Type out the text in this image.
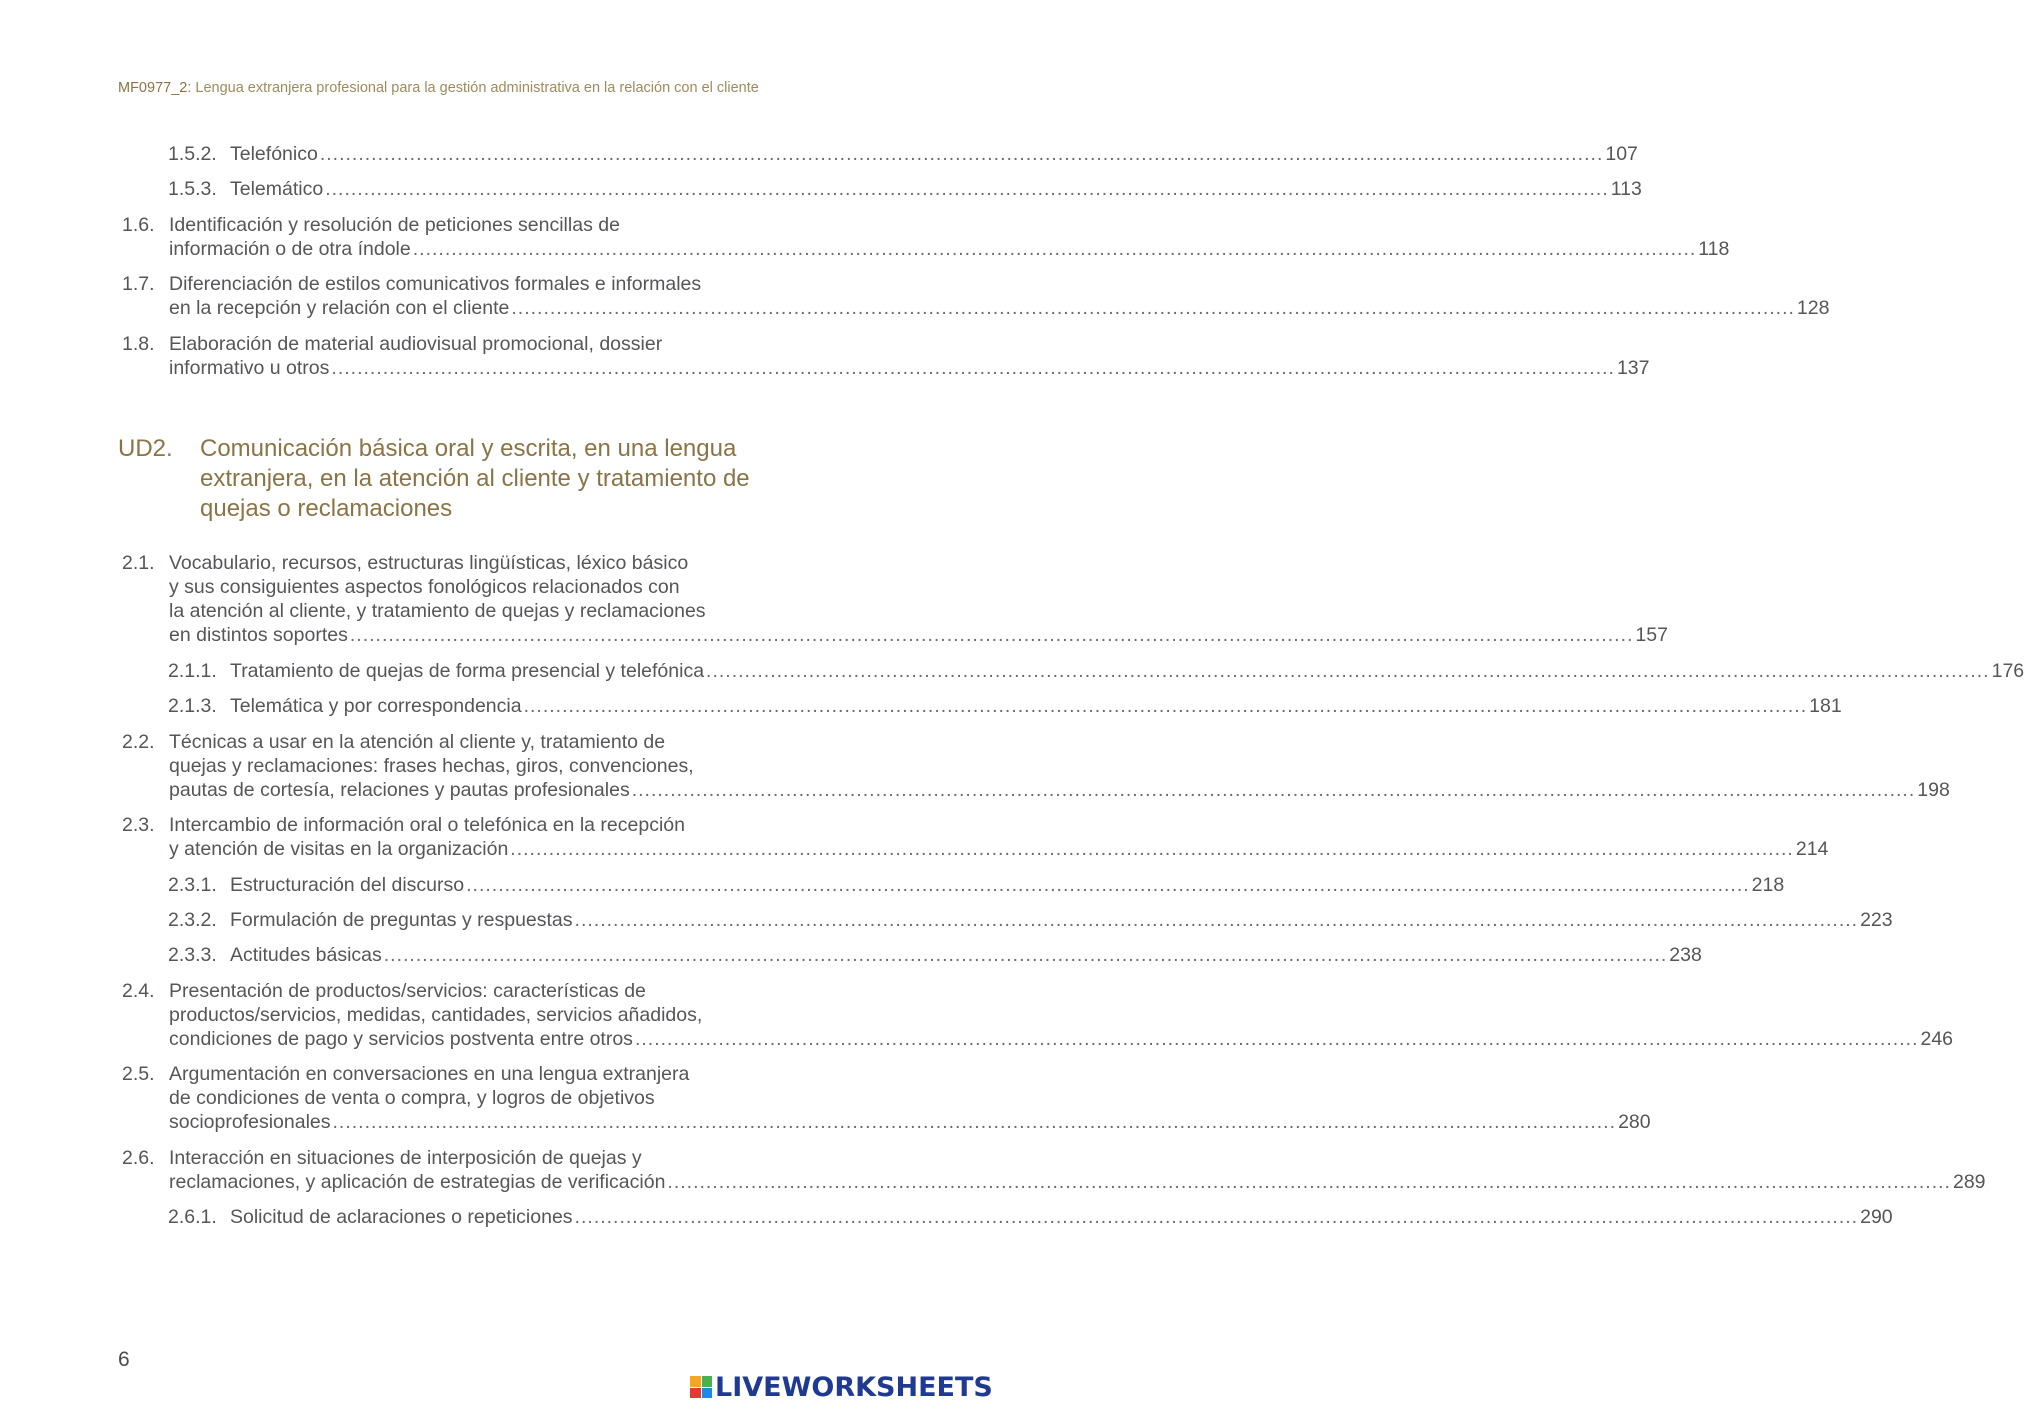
MF0977_2: Lengua extranjera profesional para la gestión administrativa en la relación con el cliente
1.5.2. Telefónico ........................................................................................................................................................................................................ 107
1.5.3. Telemático ........................................................................................................................................................................................................ 113
1.6. Identificación y resolución de peticiones sencillas de
información o de otra índole ........................................................................................................................................................................................................ 118
1.7. Diferenciación de estilos comunicativos formales e informales
en la recepción y relación con el cliente ........................................................................................................................................................................................................ 128
1.8. Elaboración de material audiovisual promocional, dossier
informativo u otros ........................................................................................................................................................................................................ 137
2.1. Vocabulario, recursos, estructuras lingüísticas, léxico básico
y sus consiguientes aspectos fonológicos relacionados con
la atención al cliente, y tratamiento de quejas y reclamaciones
en distintos soportes ........................................................................................................................................................................................................ 157
2.1.1. Tratamiento de quejas de forma presencial y telefónica ........................................................................................................................................................................................................ 176
2.1.3. Telemática y por correspondencia ........................................................................................................................................................................................................ 181
2.2. Técnicas a usar en la atención al cliente y, tratamiento de
quejas y reclamaciones: frases hechas, giros, convenciones,
pautas de cortesía, relaciones y pautas profesionales ........................................................................................................................................................................................................ 198
2.3. Intercambio de información oral o telefónica en la recepción
y atención de visitas en la organización ........................................................................................................................................................................................................ 214
2.3.1. Estructuración del discurso ........................................................................................................................................................................................................ 218
2.3.2. Formulación de preguntas y respuestas ........................................................................................................................................................................................................ 223
2.3.3. Actitudes básicas ........................................................................................................................................................................................................ 238
2.4. Presentación de productos/servicios: características de
productos/servicios, medidas, cantidades, servicios añadidos,
condiciones de pago y servicios postventa entre otros ........................................................................................................................................................................................................ 246
2.5. Argumentación en conversaciones en una lengua extranjera
de condiciones de venta o compra, y logros de objetivos
socioprofesionales ........................................................................................................................................................................................................ 280
2.6. Interacción en situaciones de interposición de quejas y
reclamaciones, y aplicación de estrategias de verificación ........................................................................................................................................................................................................ 289
2.6.1. Solicitud de aclaraciones o repeticiones ........................................................................................................................................................................................................ 290
UD2. Comunicación básica oral y escrita, en una lengua
extranjera, en la atención al cliente y tratamiento de
quejas o reclamaciones
6
LIVEWORKSHEETS
